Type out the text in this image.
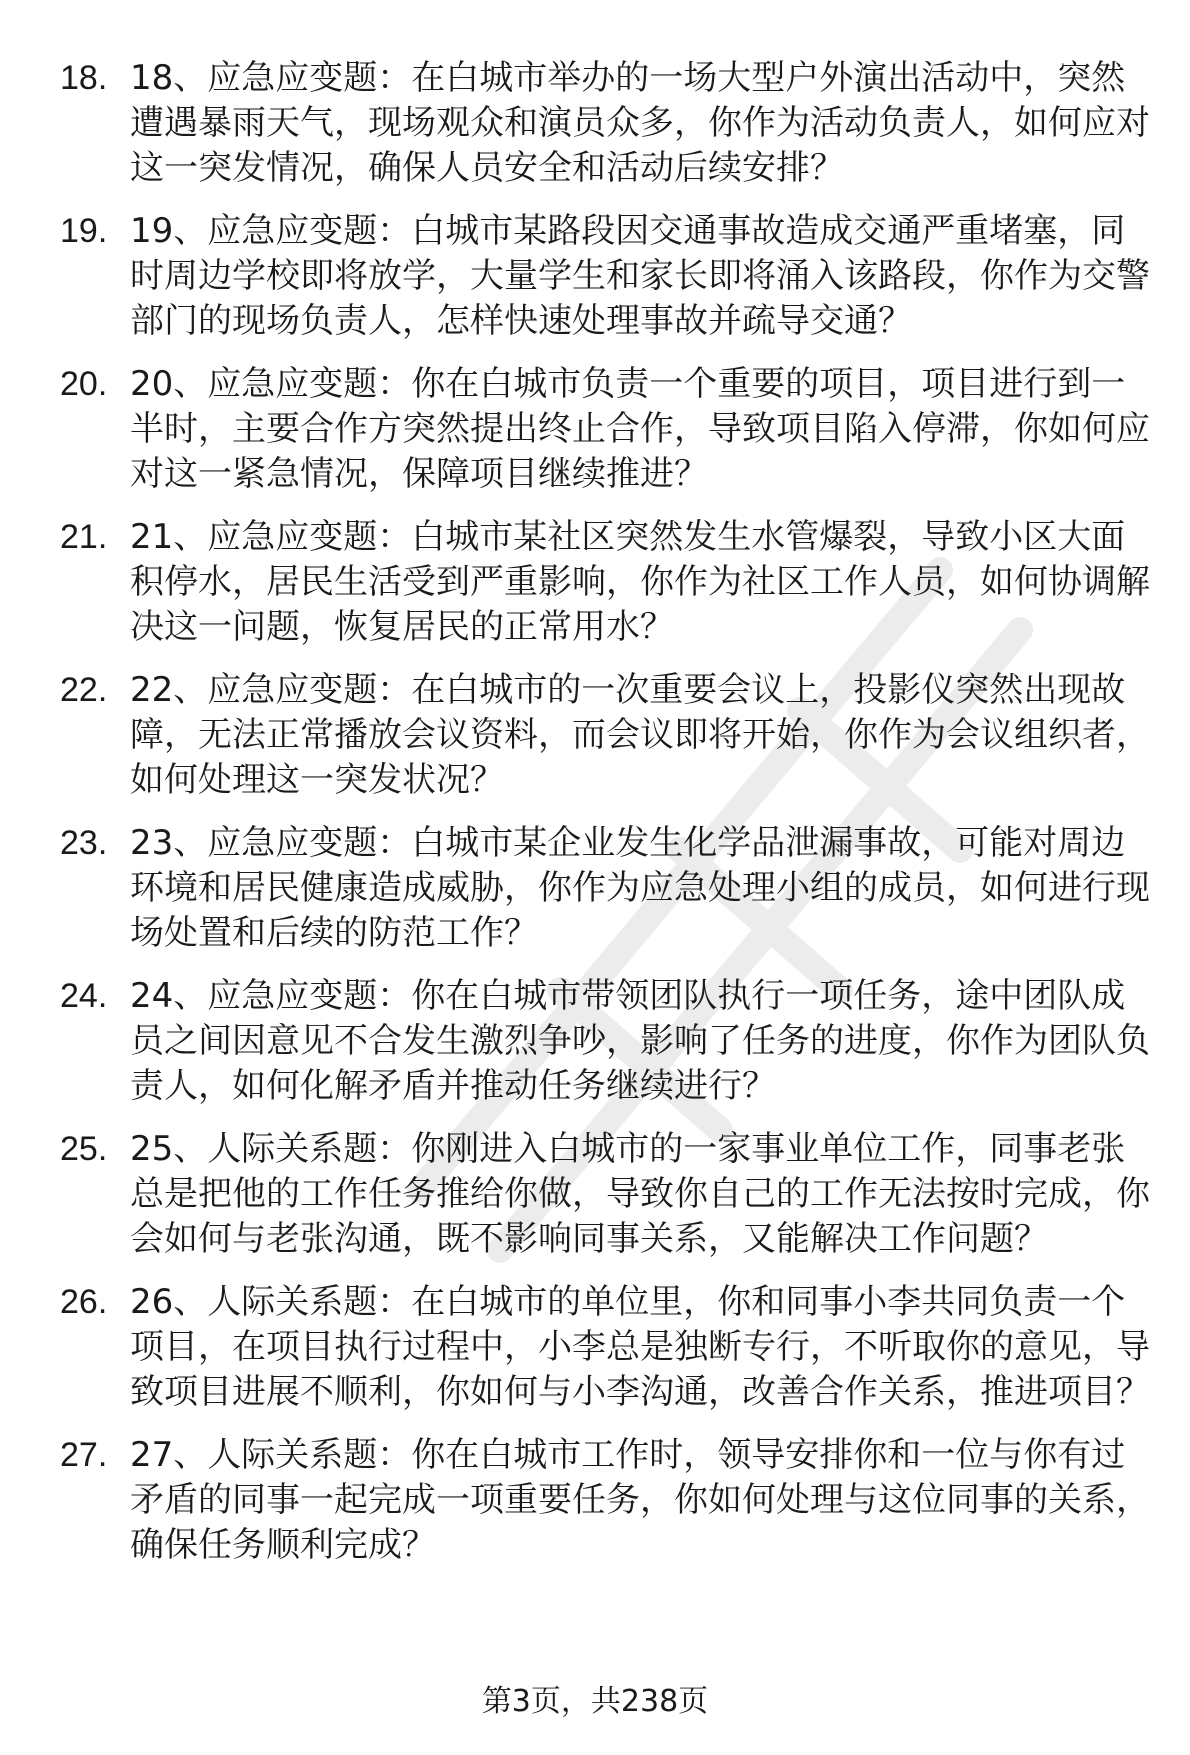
18. 18、应急应变题：在白城市举办的一场大型户外演出活动中，突然遭遇暴雨天气，现场观众和演员众多，你作为活动负责人，如何应对这一突发情况，确保人员安全和活动后续安排？
19. 19、应急应变题：白城市某路段因交通事故造成交通严重堵塞，同时周边学校即将放学，大量学生和家长即将涌入该路段，你作为交警部门的现场负责人，怎样快速处理事故并疏导交通？
20. 20、应急应变题：你在白城市负责一个重要的项目，项目进行到一半时，主要合作方突然提出终止合作，导致项目陷入停滞，你如何应对这一紧急情况，保障项目继续推进？
21. 21、应急应变题：白城市某社区突然发生水管爆裂，导致小区大面积停水，居民生活受到严重影响，你作为社区工作人员，如何协调解决这一问题，恢复居民的正常用水？
22. 22、应急应变题：在白城市的一次重要会议上，投影仪突然出现故障，无法正常播放会议资料，而会议即将开始，你作为会议组织者，如何处理这一突发状况？
23. 23、应急应变题：白城市某企业发生化学品泄漏事故，可能对周边环境和居民健康造成威胁，你作为应急处理小组的成员，如何进行现场处置和后续的防范工作？
24. 24、应急应变题：你在白城市带领团队执行一项任务，途中团队成员之间因意见不合发生激烈争吵，影响了任务的进度，你作为团队负责人，如何化解矛盾并推动任务继续进行？
25. 25、人际关系题：你刚进入白城市的一家事业单位工作，同事老张总是把他的工作任务推给你做，导致你自己的工作无法按时完成，你会如何与老张沟通，既不影响同事关系，又能解决工作问题？
26. 26、人际关系题：在白城市的单位里，你和同事小李共同负责一个项目，在项目执行过程中，小李总是独断专行，不听取你的意见，导致项目进展不顺利，你如何与小李沟通，改善合作关系，推进项目？
27. 27、人际关系题：你在白城市工作时，领导安排你和一位与你有过矛盾的同事一起完成一项重要任务，你如何处理与这位同事的关系，确保任务顺利完成？
第3页，共238页
